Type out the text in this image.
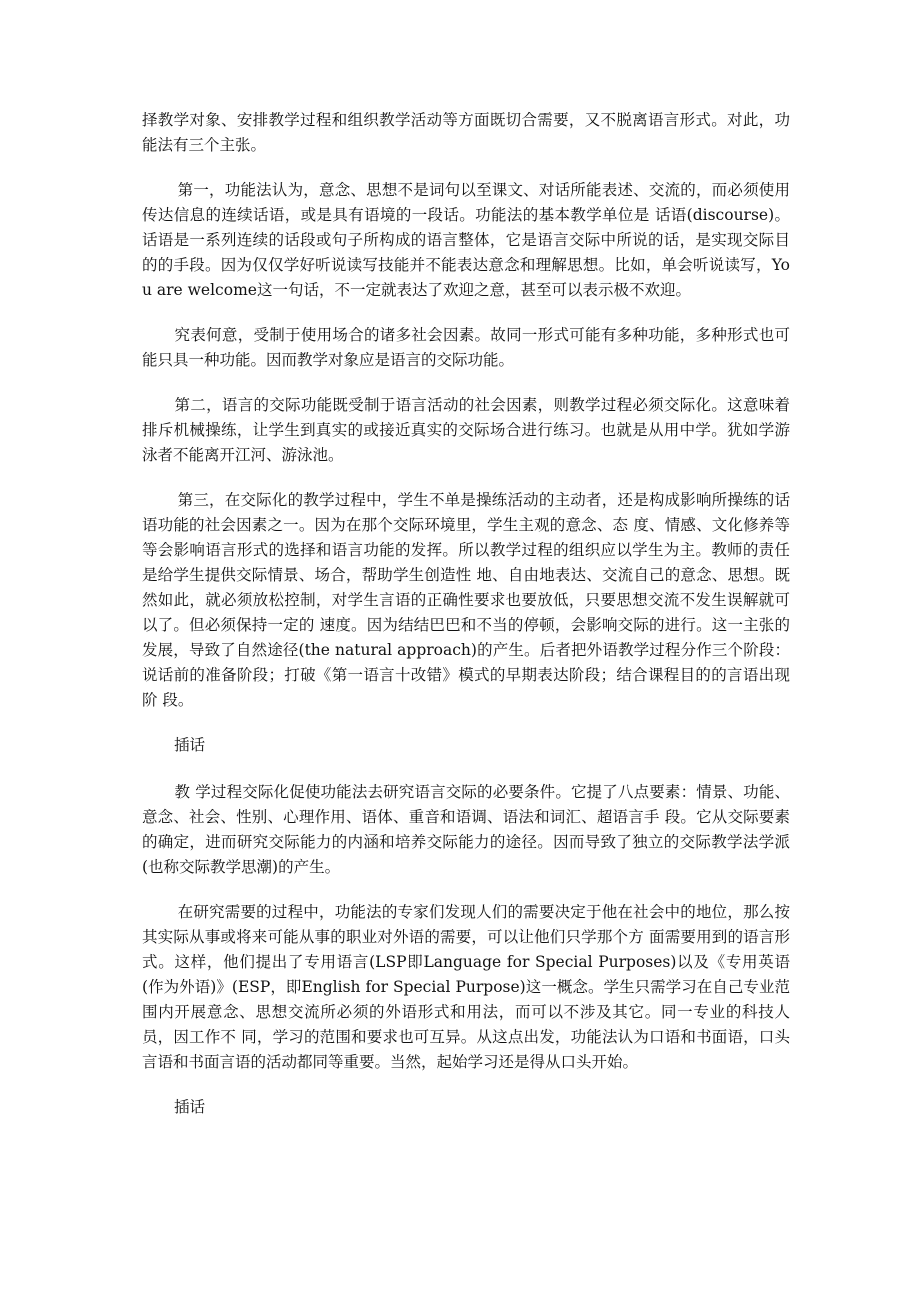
择教学对象、安排教学过程和组织教学活动等方面既切合需要，又不脱离语言形式。对此，功能法有三个主张。

第一，功能法认为，意念、思想不是词句以至课文、对话所能表述、交流的，而必须使用传达信息的连续话语，或是具有语境的一段话。功能法的基本教学单位是 话语(discourse)。话语是一系列连续的话段或句子所构成的语言整体，它是语言交际中所说的话，是实现交际目的的手段。因为仅仅学好听说读写技能并不能表达意念和理解思想。比如，单会听说读写，You are welcome这一句话，不一定就表达了欢迎之意，甚至可以表示极不欢迎。

究表何意，受制于使用场合的诸多社会因素。故同一形式可能有多种功能，多种形式也可能只具一种功能。因而教学对象应是语言的交际功能。

第二，语言的交际功能既受制于语言活动的社会因素，则教学过程必须交际化。这意味着排斥机械操练，让学生到真实的或接近真实的交际场合进行练习。也就是从用中学。犹如学游泳者不能离开江河、游泳池。

第三，在交际化的教学过程中，学生不单是操练活动的主动者，还是构成影响所操练的话语功能的社会因素之一。因为在那个交际环境里，学生主观的意念、态 度、情感、文化修养等等会影响语言形式的选择和语言功能的发挥。所以教学过程的组织应以学生为主。教师的责任是给学生提供交际情景、场合，帮助学生创造性 地、自由地表达、交流自己的意念、思想。既然如此，就必须放松控制，对学生言语的正确性要求也要放低，只要思想交流不发生误解就可以了。但必须保持一定的 速度。因为结结巴巴和不当的停顿，会影响交际的进行。这一主张的发展，导致了自然途径(the natural approach)的产生。后者把外语教学过程分作三个阶段：说话前的准备阶段；打破《第一语言十改错》模式的早期表达阶段；结合课程目的的言语出现阶 段。

插话

教 学过程交际化促使功能法去研究语言交际的必要条件。它提了八点要素：情景、功能、意念、社会、性别、心理作用、语体、重音和语调、语法和词汇、超语言手 段。它从交际要素的确定，进而研究交际能力的内涵和培养交际能力的途径。因而导致了独立的交际教学法学派(也称交际教学思潮)的产生。

在研究需要的过程中，功能法的专家们发现人们的需要决定于他在社会中的地位，那么按其实际从事或将来可能从事的职业对外语的需要，可以让他们只学那个方 面需要用到的语言形式。这样，他们提出了专用语言(LSP即Language for Special Purposes)以及《专用英语(作为外语)》(ESP，即English for Special Purpose)这一概念。学生只需学习在自己专业范围内开展意念、思想交流所必须的外语形式和用法，而可以不涉及其它。同一专业的科技人员，因工作不 同，学习的范围和要求也可互异。从这点出发，功能法认为口语和书面语，口头言语和书面言语的活动都同等重要。当然，起始学习还是得从口头开始。

插话
